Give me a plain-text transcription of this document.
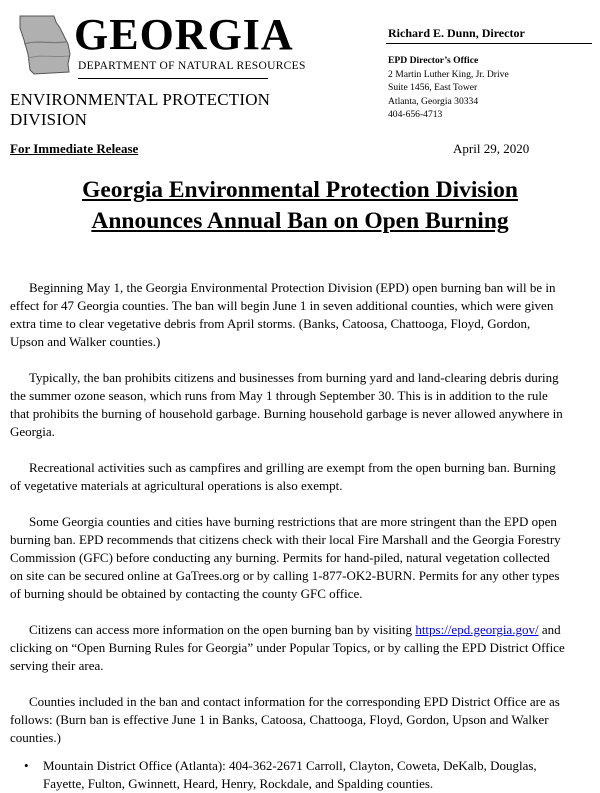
GEORGIA
DEPARTMENT OF NATURAL RESOURCES
ENVIRONMENTAL PROTECTION DIVISION
Richard E. Dunn, Director
EPD Director’s Office
2 Martin Luther King, Jr. Drive
Suite 1456, East Tower
Atlanta, Georgia 30334
404-656-4713
For Immediate Release	April 29, 2020
Georgia Environmental Protection Division
Announces Annual Ban on Open Burning

Beginning May 1, the Georgia Environmental Protection Division (EPD) open burning ban will be in effect for 47 Georgia counties. The ban will begin June 1 in seven additional counties, which were given extra time to clear vegetative debris from April storms. (Banks, Catoosa, Chattooga, Floyd, Gordon, Upson and Walker counties.)

Typically, the ban prohibits citizens and businesses from burning yard and land-clearing debris during the summer ozone season, which runs from May 1 through September 30. This is in addition to the rule that prohibits the burning of household garbage. Burning household garbage is never allowed anywhere in Georgia.

Recreational activities such as campfires and grilling are exempt from the open burning ban. Burning of vegetative materials at agricultural operations is also exempt.

Some Georgia counties and cities have burning restrictions that are more stringent than the EPD open burning ban. EPD recommends that citizens check with their local Fire Marshall and the Georgia Forestry Commission (GFC) before conducting any burning. Permits for hand-piled, natural vegetation collected on site can be secured online at GaTrees.org or by calling 1-877-OK2-BURN. Permits for any other types of burning should be obtained by contacting the county GFC office.

Citizens can access more information on the open burning ban by visiting https://epd.georgia.gov/ and clicking on “Open Burning Rules for Georgia” under Popular Topics, or by calling the EPD District Office serving their area.

Counties included in the ban and contact information for the corresponding EPD District Office are as follows: (Burn ban is effective June 1 in Banks, Catoosa, Chattooga, Floyd, Gordon, Upson and Walker counties.)

• Mountain District Office (Atlanta): 404-362-2671 Carroll, Clayton, Coweta, DeKalb, Douglas, Fayette, Fulton, Gwinnett, Heard, Henry, Rockdale, and Spalding counties.
